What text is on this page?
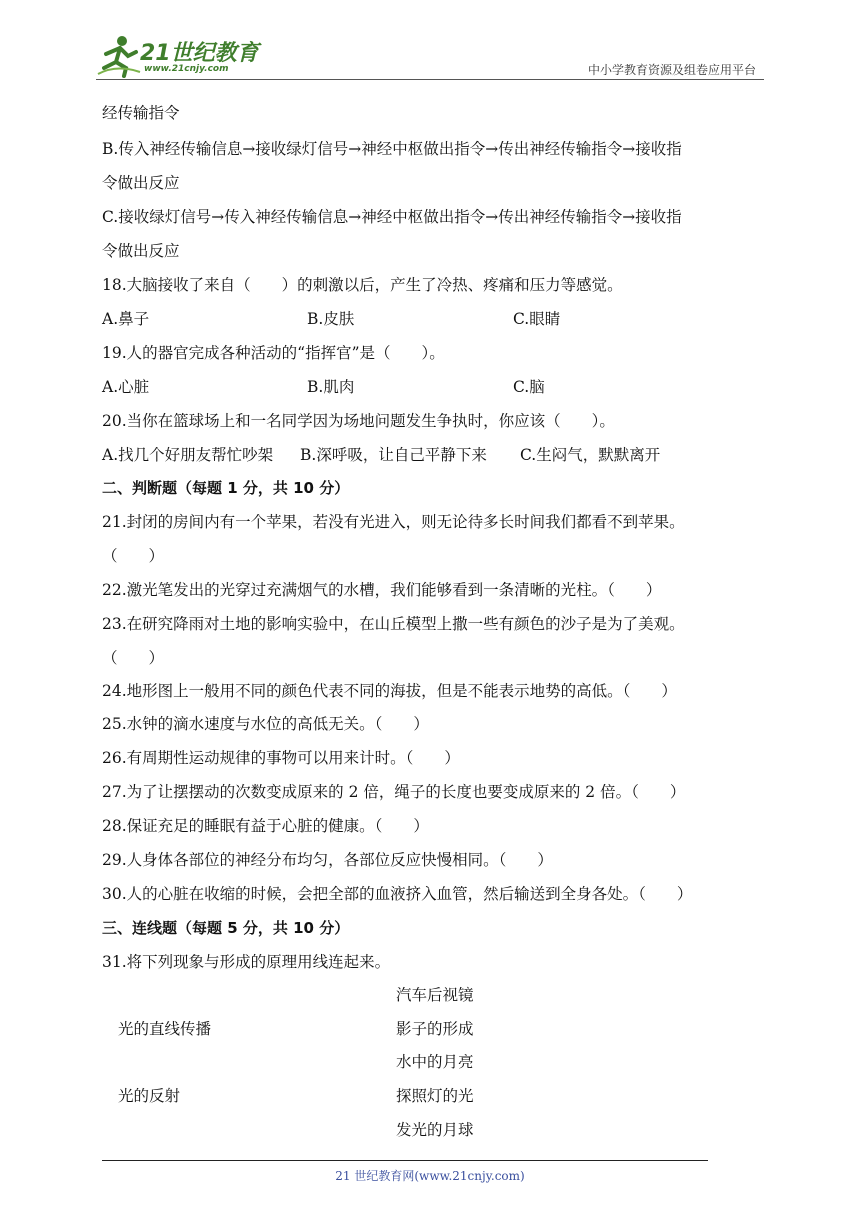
21世纪教育
www.21cnjy.com	中小学教育资源及组卷应用平台
经传输指令
B.传入神经传输信息→接收绿灯信号→神经中枢做出指令→传出神经传输指令→接收指
令做出反应
C.接收绿灯信号→传入神经传输信息→神经中枢做出指令→传出神经传输指令→接收指
令做出反应
18.大脑接收了来自（　　）的刺激以后，产生了冷热、疼痛和压力等感觉。
A.鼻子	B.皮肤	C.眼睛
19.人的器官完成各种活动的“指挥官”是（　　）。
A.心脏	B.肌肉	C.脑
20.当你在篮球场上和一名同学因为场地问题发生争执时，你应该（　　）。
A.找几个好朋友帮忙吵架 B.深呼吸，让自己平静下来 C.生闷气，默默离开
二、判断题（每题 1 分，共 10 分）
21.封闭的房间内有一个苹果，若没有光进入，则无论待多长时间我们都看不到苹果。
（　　）
22.激光笔发出的光穿过充满烟气的水槽，我们能够看到一条清晰的光柱。（　　）
23.在研究降雨对土地的影响实验中，在山丘模型上撒一些有颜色的沙子是为了美观。
（　　）
24.地形图上一般用不同的颜色代表不同的海拔，但是不能表示地势的高低。（　　）
25.水钟的滴水速度与水位的高低无关。（　　）
26.有周期性运动规律的事物可以用来计时。（　　）
27.为了让摆摆动的次数变成原来的 2 倍，绳子的长度也要变成原来的 2 倍。（　　）
28.保证充足的睡眠有益于心脏的健康。（　　）
29.人身体各部位的神经分布均匀，各部位反应快慢相同。（　　）
30.人的心脏在收缩的时候，会把全部的血液挤入血管，然后输送到全身各处。（　　）
三、连线题（每题 5 分，共 10 分）
31.将下列现象与形成的原理用线连起来。
光的直线传播
光的反射
汽车后视镜
影子的形成
水中的月亮
探照灯的光
发光的月球
21 世纪教育网(www.21cnjy.com)
